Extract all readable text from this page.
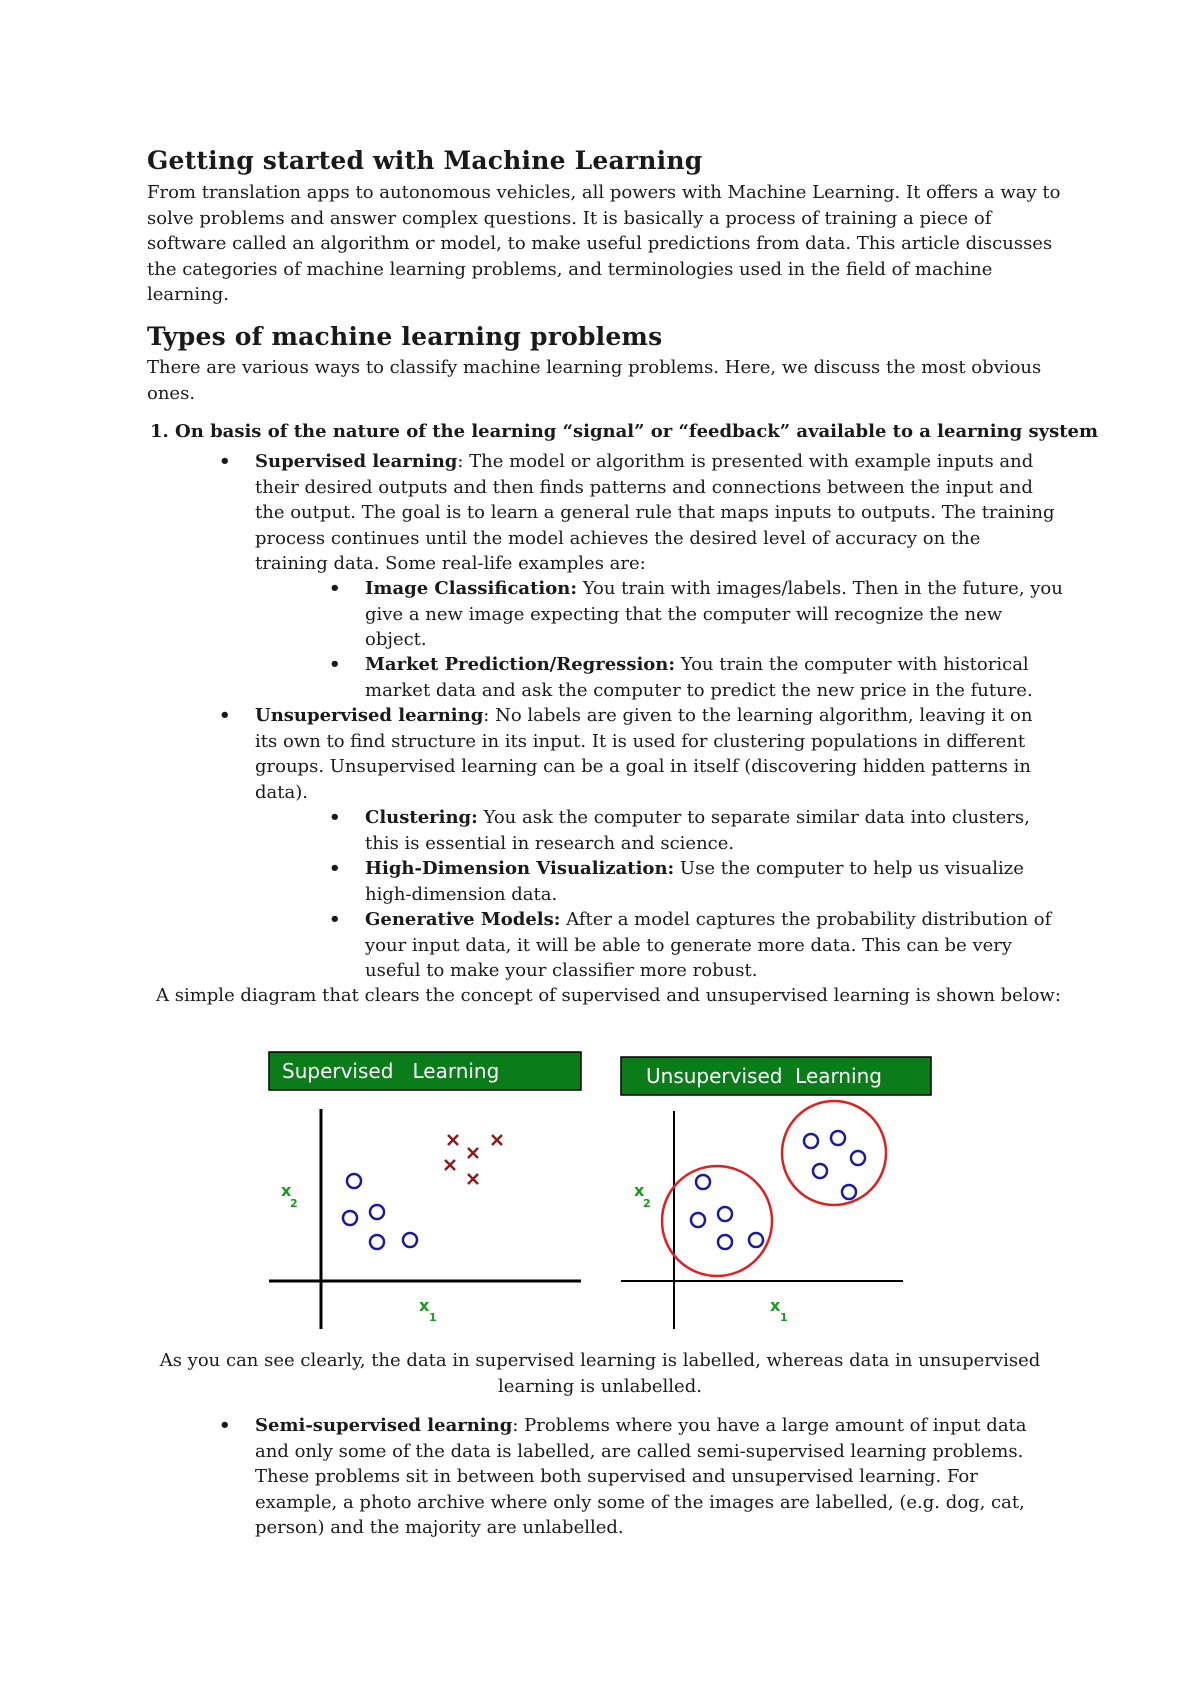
Getting started with Machine Learning
From translation apps to autonomous vehicles, all powers with Machine Learning. It offers a way to solve problems and answer complex questions. It is basically a process of training a piece of software called an algorithm or model, to make useful predictions from data. This article discusses the categories of machine learning problems, and terminologies used in the field of machine learning.
Types of machine learning problems
There are various ways to classify machine learning problems. Here, we discuss the most obvious ones.
1. On basis of the nature of the learning “signal” or “feedback” available to a learning system
• Supervised learning: The model or algorithm is presented with example inputs and their desired outputs and then finds patterns and connections between the input and the output. The goal is to learn a general rule that maps inputs to outputs. The training process continues until the model achieves the desired level of accuracy on the training data. Some real-life examples are:
• Image Classification: You train with images/labels. Then in the future, you give a new image expecting that the computer will recognize the new object.
• Market Prediction/Regression: You train the computer with historical market data and ask the computer to predict the new price in the future.
• Unsupervised learning: No labels are given to the learning algorithm, leaving it on its own to find structure in its input. It is used for clustering populations in different groups. Unsupervised learning can be a goal in itself (discovering hidden patterns in data).
• Clustering: You ask the computer to separate similar data into clusters, this is essential in research and science.
• High-Dimension Visualization: Use the computer to help us visualize high-dimension data.
• Generative Models: After a model captures the probability distribution of your input data, it will be able to generate more data. This can be very useful to make your classifier more robust.
A simple diagram that clears the concept of supervised and unsupervised learning is shown below:
Supervised   Learning	Unsupervised  Learning
x
2
x
1
x
2
x
1
As you can see clearly, the data in supervised learning is labelled, whereas data in unsupervised learning is unlabelled.
• Semi-supervised learning: Problems where you have a large amount of input data and only some of the data is labelled, are called semi-supervised learning problems. These problems sit in between both supervised and unsupervised learning. For example, a photo archive where only some of the images are labelled, (e.g. dog, cat, person) and the majority are unlabelled.
